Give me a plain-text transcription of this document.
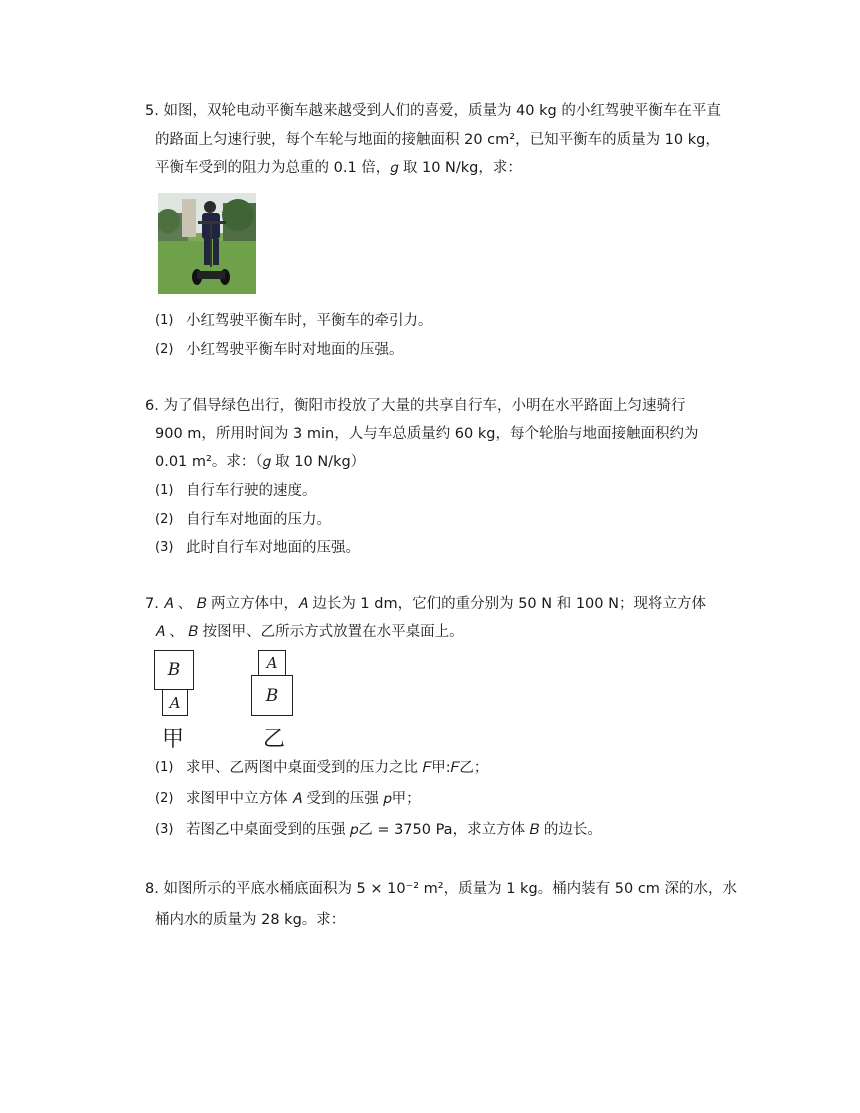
5. 如图，双轮电动平衡车越来越受到人们的喜爱，质量为 40 kg 的小红驾驶平衡车在平直
的路面上匀速行驶，每个车轮与地面的接触面积 20 cm²，已知平衡车的质量为 10 kg，
平衡车受到的阻力为总重的 0.1 倍，𝑔 取 10 N/kg，求：
(1) 小红驾驶平衡车时，平衡车的牵引力。
(2) 小红驾驶平衡车时对地面的压强。
6. 为了倡导绿色出行，衡阳市投放了大量的共享自行车，小明在水平路面上匀速骑行
900 m，所用时间为 3 min，人与车总质量约 60 kg，每个轮胎与地面接触面积约为
0.01 m²。求：（𝑔 取 10 N/kg）
(1) 自行车行驶的速度。
(2) 自行车对地面的压力。
(3) 此时自行车对地面的压强。
7. 𝐴 、 𝐵 两立方体中，𝐴 边长为 1 dm，它们的重分别为 50 N 和 100 N；现将立方体
𝐴 、 𝐵 按图甲、乙所示方式放置在水平桌面上。
B
A
甲
A
B
乙
(1) 求甲、乙两图中桌面受到的压力之比 𝐹甲:𝐹乙；
(2) 求图甲中立方体 𝐴 受到的压强 𝑝甲；
(3) 若图乙中桌面受到的压强 𝑝乙 = 3750 Pa，求立方体 𝐵 的边长。
8. 如图所示的平底水桶底面积为 5 × 10⁻² m²，质量为 1 kg。桶内装有 50 cm 深的水，水
桶内水的质量为 28 kg。求：
